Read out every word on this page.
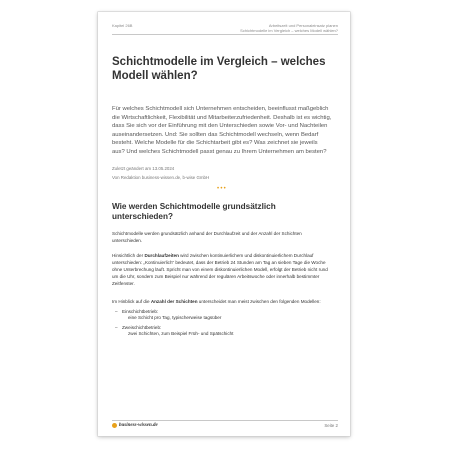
Kapitel 26B	Arbeitszeit und Personaleinsatz planen
Schichtmodelle im Vergleich – welches Modell wählen?
Schichtmodelle im Vergleich – welches Modell wählen?

Für welches Schichtmodell sich Unternehmen entscheiden, beeinflusst maßgeblich die Wirtschaftlichkeit, Flexibilität und Mitarbeiterzufriedenheit. Deshalb ist es wichtig, dass Sie sich vor der Einführung mit den Unterschieden sowie Vor- und Nachteilen auseinandersetzen. Und: Sie sollten das Schichtmodell wechseln, wenn Bedarf besteht. Welche Modelle für die Schichtarbeit gibt es? Was zeichnet sie jeweils aus? Und welches Schichtmodell passt genau zu Ihrem Unternehmen am besten?

Zuletzt geändert am 13.05.2024
Von Redaktion business-wissen.de, b-wise GmbH
•••
Wie werden Schichtmodelle grundsätzlich unterschieden?

Schichtmodelle werden grundsätzlich anhand der Durchlaufzeit und der Anzahl der Schichten unterschieden.

Hinsichtlich der Durchlaufzeiten wird zwischen kontinuierlichem und diskontinuierlichem Durchlauf unterschieden: „Kontinuierlich“ bedeutet, dass der Betrieb 24 Stunden am Tag an sieben Tage die Woche ohne Unterbrechung läuft. Spricht man von einem diskontinuierlichen Modell, erfolgt der Betrieb nicht rund um die Uhr, sondern zum Beispiel nur während der regulären Arbeitswoche oder innerhalb bestimmter Zeitfenster.

Im Hinblick auf die Anzahl der Schichten unterscheidet man meist zwischen den folgenden Modellen:

– Einschichtbetrieb:
eine Schicht pro Tag, typischerweise tagsüber
– Zweischichtbetrieb:
zwei Schichten, zum Beispiel Früh- und Spätschicht
business-wissen.de	Seite 2
